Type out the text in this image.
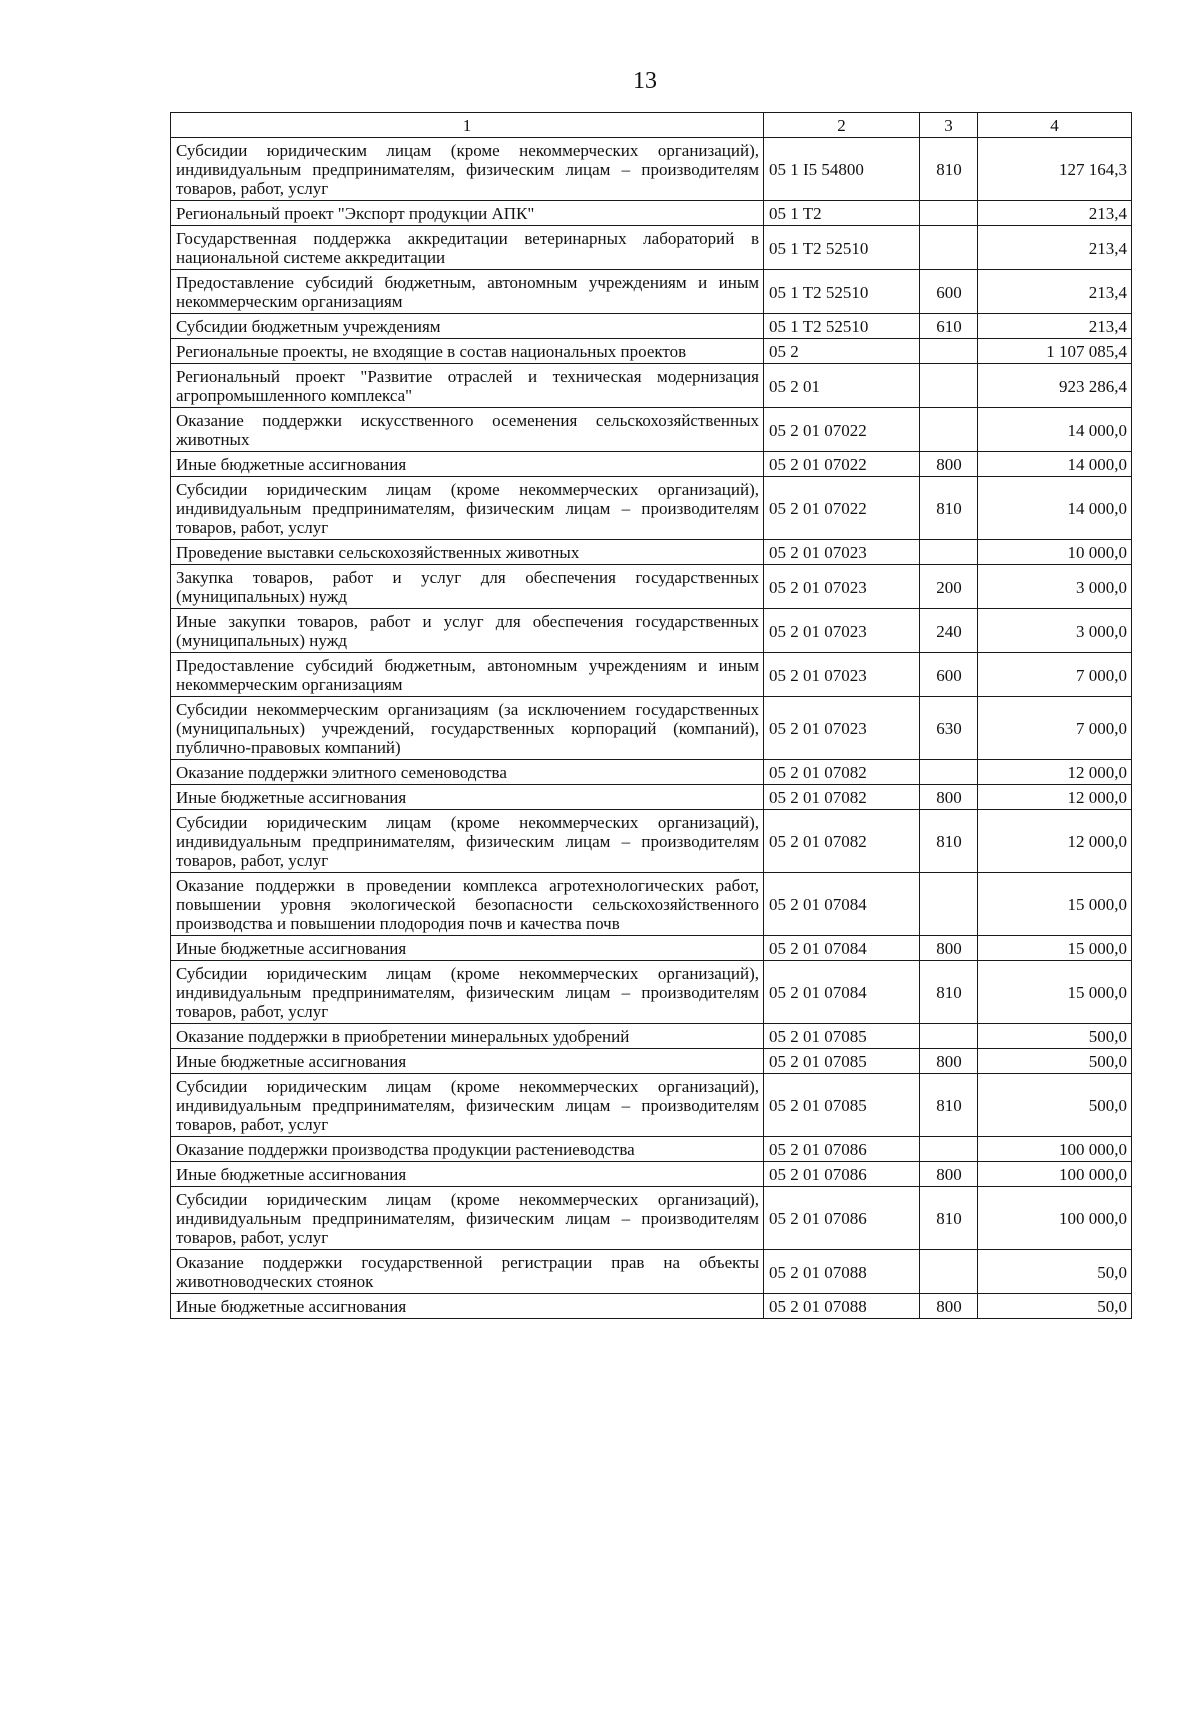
13
1	2	3	4
Субсидии юридическим лицам (кроме некоммерческих организаций), индивидуальным предпринимателям, физическим лицам – производителям товаров, работ, услуг	05 1 I5 54800	810	127 164,3
Региональный проект "Экспорт продукции АПК"	05 1 T2		213,4
Государственная поддержка аккредитации ветеринарных лабораторий в национальной системе аккредитации	05 1 T2 52510		213,4
Предоставление субсидий бюджетным, автономным учреждениям и иным некоммерческим организациям	05 1 T2 52510	600	213,4
Субсидии бюджетным учреждениям	05 1 T2 52510	610	213,4
Региональные проекты, не входящие в состав национальных проектов	05 2		1 107 085,4
Региональный проект "Развитие отраслей и техническая модернизация агропромышленного комплекса"	05 2 01		923 286,4
Оказание поддержки искусственного осеменения сельскохозяйственных животных	05 2 01 07022		14 000,0
Иные бюджетные ассигнования	05 2 01 07022	800	14 000,0
Субсидии юридическим лицам (кроме некоммерческих организаций), индивидуальным предпринимателям, физическим лицам – производителям товаров, работ, услуг	05 2 01 07022	810	14 000,0
Проведение выставки сельскохозяйственных животных	05 2 01 07023		10 000,0
Закупка товаров, работ и услуг для обеспечения государственных (муниципальных) нужд	05 2 01 07023	200	3 000,0
Иные закупки товаров, работ и услуг для обеспечения государственных (муниципальных) нужд	05 2 01 07023	240	3 000,0
Предоставление субсидий бюджетным, автономным учреждениям и иным некоммерческим организациям	05 2 01 07023	600	7 000,0
Субсидии некоммерческим организациям (за исключением государственных (муниципальных) учреждений, государственных корпораций (компаний), публично-правовых компаний)	05 2 01 07023	630	7 000,0
Оказание поддержки элитного семеноводства	05 2 01 07082		12 000,0
Иные бюджетные ассигнования	05 2 01 07082	800	12 000,0
Субсидии юридическим лицам (кроме некоммерческих организаций), индивидуальным предпринимателям, физическим лицам – производителям товаров, работ, услуг	05 2 01 07082	810	12 000,0
Оказание поддержки в проведении комплекса агротехнологических работ, повышении уровня экологической безопасности сельскохозяйственного производства и повышении плодородия почв и качества почв	05 2 01 07084		15 000,0
Иные бюджетные ассигнования	05 2 01 07084	800	15 000,0
Субсидии юридическим лицам (кроме некоммерческих организаций), индивидуальным предпринимателям, физическим лицам – производителям товаров, работ, услуг	05 2 01 07084	810	15 000,0
Оказание поддержки в приобретении минеральных удобрений	05 2 01 07085		500,0
Иные бюджетные ассигнования	05 2 01 07085	800	500,0
Субсидии юридическим лицам (кроме некоммерческих организаций), индивидуальным предпринимателям, физическим лицам – производителям товаров, работ, услуг	05 2 01 07085	810	500,0
Оказание поддержки производства продукции растениеводства	05 2 01 07086		100 000,0
Иные бюджетные ассигнования	05 2 01 07086	800	100 000,0
Субсидии юридическим лицам (кроме некоммерческих организаций), индивидуальным предпринимателям, физическим лицам – производителям товаров, работ, услуг	05 2 01 07086	810	100 000,0
Оказание поддержки государственной регистрации прав на объекты животноводческих стоянок	05 2 01 07088		50,0
Иные бюджетные ассигнования	05 2 01 07088	800	50,0
